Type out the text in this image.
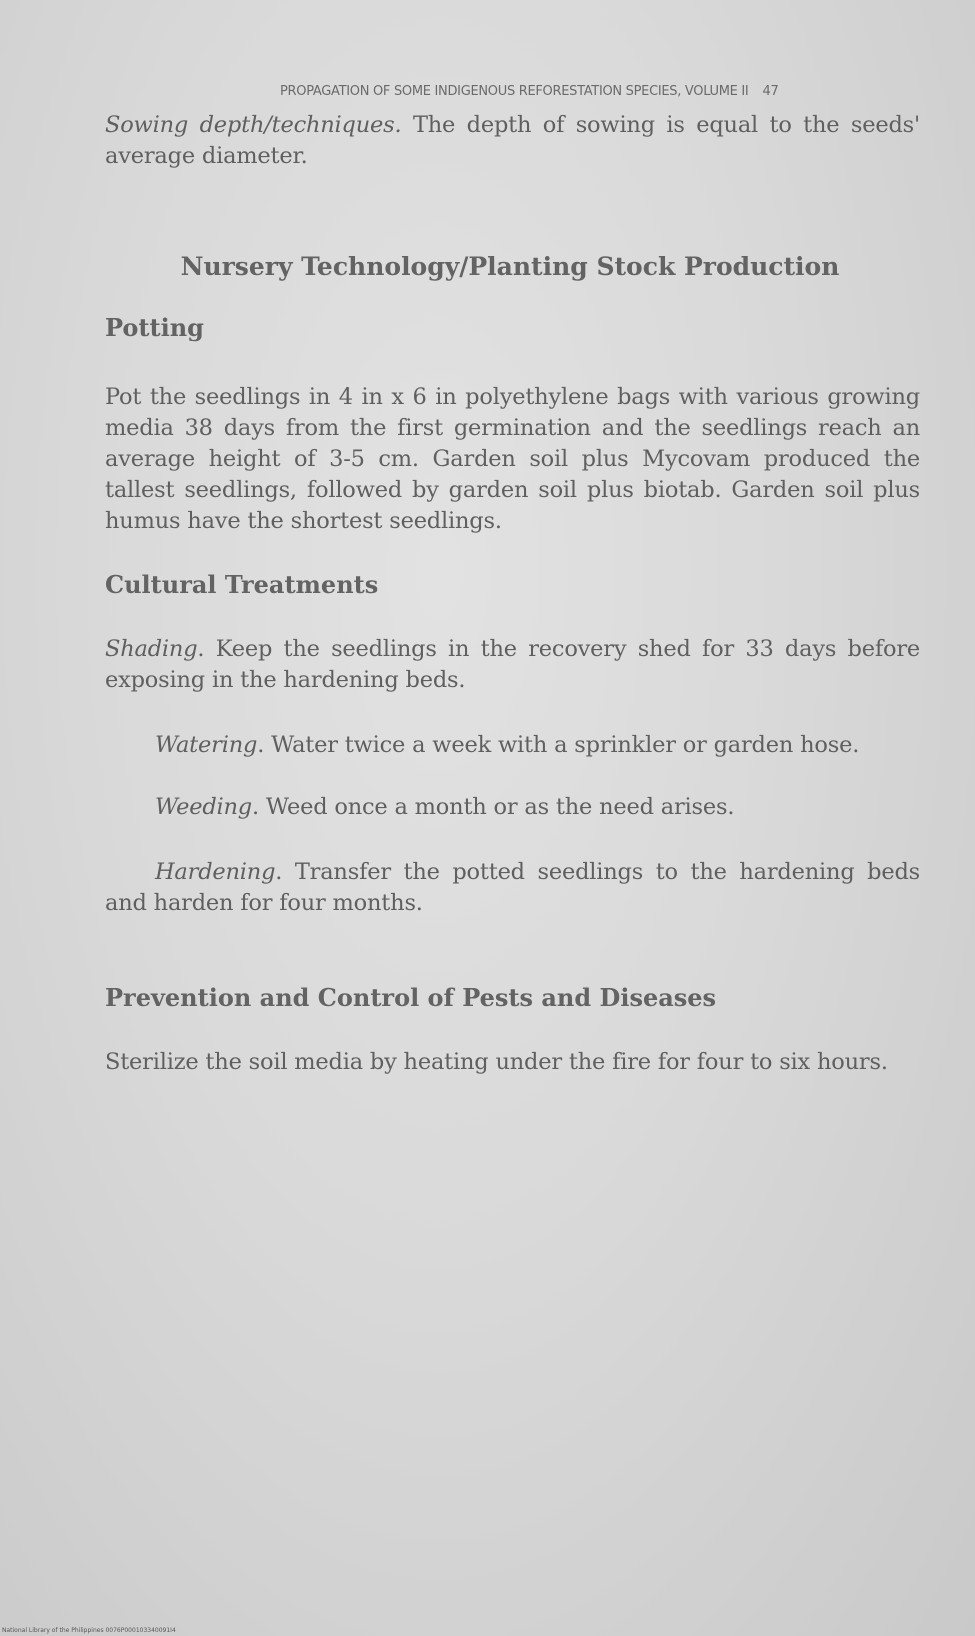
PROPAGATION OF SOME INDIGENOUS REFORESTATION SPECIES, VOLUME II 47

Sowing depth/techniques. The depth of sowing is equal to the seeds' average diameter.

Nursery Technology/Planting Stock Production
Potting

Pot the seedlings in 4 in x 6 in polyethylene bags with various growing media 38 days from the first germination and the seedlings reach an average height of 3-5 cm. Garden soil plus Mycovam produced the tallest seedlings, followed by garden soil plus biotab. Garden soil plus humus have the shortest seedlings.

Cultural Treatments

Shading. Keep the seedlings in the recovery shed for 33 days before exposing in the hardening beds.

Watering. Water twice a week with a sprinkler or garden hose.

Weeding. Weed once a month or as the need arises.

Hardening. Transfer the potted seedlings to the hardening beds and harden for four months.

Prevention and Control of Pests and Diseases

Sterilize the soil media by heating under the fire for four to six hours.

National Library of the Philippines 0076P000103340091I4
